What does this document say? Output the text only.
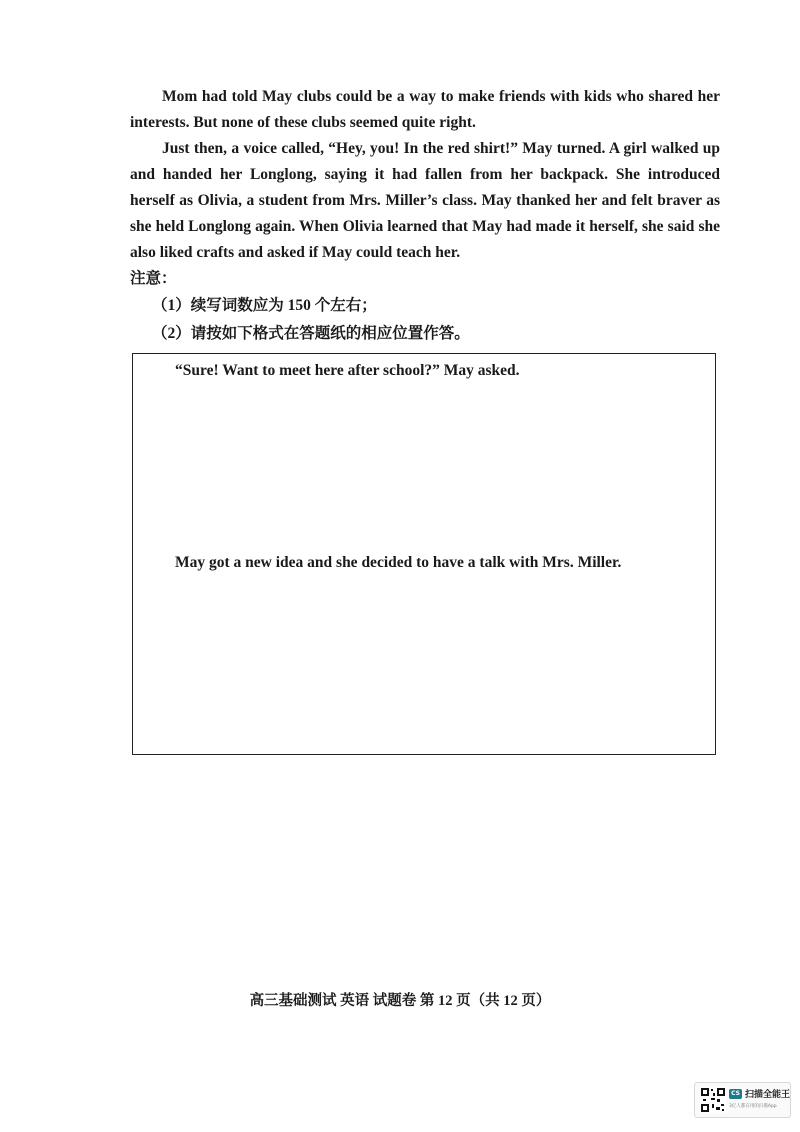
Mom had told May clubs could be a way to make friends with kids who shared her interests. But none of these clubs seemed quite right.

Just then, a voice called, “Hey, you! In the red shirt!” May turned. A girl walked up and handed her Longlong, saying it had fallen from her backpack. She introduced herself as Olivia, a student from Mrs. Miller’s class. May thanked her and felt braver as she held Longlong again. When Olivia learned that May had made it herself, she said she also liked crafts and asked if May could teach her.

注意：
（1）续写词数应为 150 个左右；
（2）请按如下格式在答题纸的相应位置作答。
“Sure! Want to meet here after school?” May asked.
May got a new idea and she decided to have a talk with Mrs. Miller.
高三基础测试 英语 试题卷 第 12 页（共 12 页）
CS 扫描全能王
3亿人都在用的扫描App
